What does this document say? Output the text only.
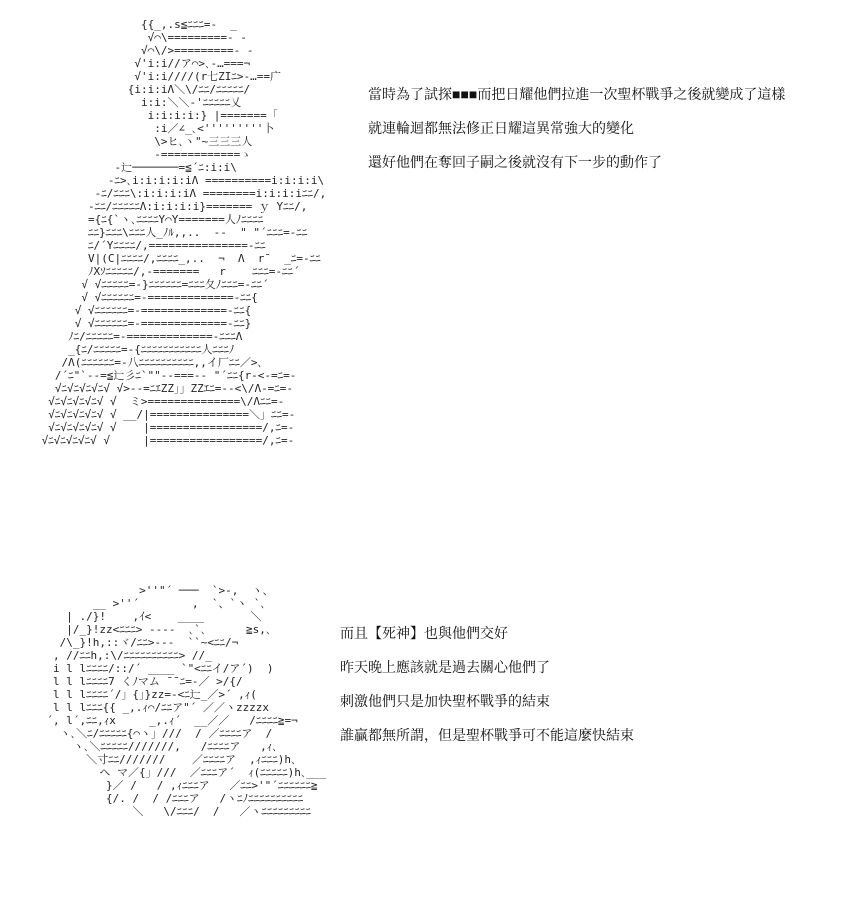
{{_,.s≦ﾆﾆﾆ=-  _
√⌒\=========- -
√⌒\/>=========- -
√'i:i//ア⌒>､-…===¬
√'i:i////(r七ZIﾆ>-…==广
{i:i:iΛ＼\/ﾆﾆ/ﾆﾆﾆﾆﾆ/
i:i:＼＼-'ﾆﾆﾆﾆﾆ乂
i:i:i:i:} |=======「
:i／∠_､<'''''''''卜
\>ヒ､ヽ"~三三三人
-============ゝ
-辷───────=≦´ﾆ:i:i\
-ﾆ>､i:i:i:i:iΛ ==========i:i:i:i\
-ﾆ/ﾆﾆﾆ\:i:i:i:iΛ ========i:i:i:iﾆﾆ/,
-ﾆﾆ/ﾆﾆﾆﾆﾆΛ:i:i:i:i}======= ｙ Yﾆﾆ/,
={ﾆ{`ヽ､ﾆﾆﾆﾆY⌒Y=======人ﾉﾆﾆﾆﾆ
ﾆﾆ}ﾆﾆﾆ\ﾆﾆﾆ人_ﾉﾙ,,..  --  " "´ﾆﾆﾆ=-ﾆﾆ
ﾆ/´Yﾆﾆﾆﾆ/,===============-ﾆﾆ
V|(C|ﾆﾆﾆﾆ/,ﾆﾆﾆﾆ_,..  ¬  Λ  r¯  _ﾆ=-ﾆﾆ
ﾉXｿﾆﾆﾆﾆﾆ/,-=======   r    ﾆﾆﾆ=-ﾆﾆ´
√ √ﾆﾆﾆﾆﾆ=-}ﾆﾆﾆﾆﾆﾆ=ﾆﾆﾆ夂ﾉﾆﾆﾆ=-ﾆﾆ´
√ √ﾆﾆﾆﾆﾆﾆ=-=============-ﾆﾆ{
√ √ﾆﾆﾆﾆﾆﾆ=-=============-ﾆﾆ{
√ √ﾆﾆﾆﾆﾆﾆ=-=============-ﾆﾆ}
ﾉﾆ/ﾆﾆﾆﾆﾆ=-=============-ﾆﾆﾆΛ
_{ﾆ/ﾆﾆﾆﾆﾆ=-{ﾆﾆﾆﾆﾆﾆﾆﾆﾆﾆﾆ人ﾆﾆﾆﾉ
/Λ(ﾆﾆﾆﾆﾆﾆ=-八ﾆﾆﾆﾆﾆﾆﾆﾆﾆﾆ,,イ厂ﾆﾆ／>､
/´ﾆ"`--=≦辷彡ﾆ`""--===-- "´ﾆﾆ{r-<-=ﾆ=-
√ﾆ√ﾆ√ﾆ√ﾆ√ √>--=ﾆｴZZ」」ZZｴﾆ=--<\/Λ-=ﾆ=-
√ﾆ√ﾆ√ﾆ√ﾆ√ √  ミ>==============\/Λﾆﾆ=-
√ﾆ√ﾆ√ﾆ√ﾆ√ √ __/|===============＼」ﾆﾆ=-
√ﾆ√ﾆ√ﾆ√ﾆ√ √    |=================/,ﾆ=-
√ﾆ√ﾆ√ﾆ√ﾆ√ √     |=================/,ﾆ=-
當時為了試探■■■而把日耀他們拉進一次聖杯戰爭之後就變成了這樣
就連輪迴都無法修正日耀這異常強大的變化
還好他們在奪回子嗣之後就沒有下一步的動作了
>''"´ ───  `>-,  ヽ、
__ >''´        ,  `、`ヽ `､
| ./}!    ,ｲ<    ____       ＼
|/_}!zz<ﾆﾆﾆ> ----  ､`､      ≧s,､
/\_}!h,::ヾ/ﾆﾆ>---  ``~<ﾆﾆ/¬
, //ﾆﾆh,:\/ﾆﾆﾆﾆﾆﾆﾆﾆﾆﾆ> //_
i l lﾆﾆﾆﾆ/::/´ ____ `"<ﾆﾆイ/ア´)  )
l l lﾆﾆﾆﾆ7 くﾉマム ¯¯ﾆ=-／ >/{/
l l lﾆﾆﾆﾆ´/」{」}zz=-<ﾆ辷_／>´ ,ｨ(
l l lﾆﾆﾆ{{ _,.ｨ⌒/ﾆﾆア"´ ／／ヽzzzzx
´, l´,ﾆﾆ,ｨx     _,.ｨ´  __／／   /ﾆﾆﾆﾆ≧=¬
ヽ､＼ﾆ/ﾆﾆﾆﾆﾆ{⌒ヽ」///  / ／ﾆﾆﾆﾆア  /
ヽ､＼ﾆﾆﾆﾆﾆ///////,   /ﾆﾆﾆﾆア   ,ｨ､
＼寸ﾆﾆ///////    ／ﾆﾆﾆﾆア  ,ｨﾆﾆﾆ)h､
ヘ マ／{」///  ／ﾆﾆﾆア´  ｨ(ﾆﾆﾆﾆﾆ)h､___
}／ /   / ,ｨﾆﾆﾆア   ／ﾆﾆ>'"´ﾆﾆﾆﾆﾆﾆ≧
{/. /  / /ﾆﾆﾆア   /ヽﾆﾉﾆﾆﾆﾆﾆﾆﾆﾆﾆﾆ
＼   \/ﾆﾆﾆ/  /   ／ヽﾆﾆﾆﾆﾆﾆﾆﾆﾆ
而且【死神】也與他們交好
昨天晚上應該就是過去關心他們了
刺激他們只是加快聖杯戰爭的結束
誰贏都無所謂，但是聖杯戰爭可不能這麼快結束
